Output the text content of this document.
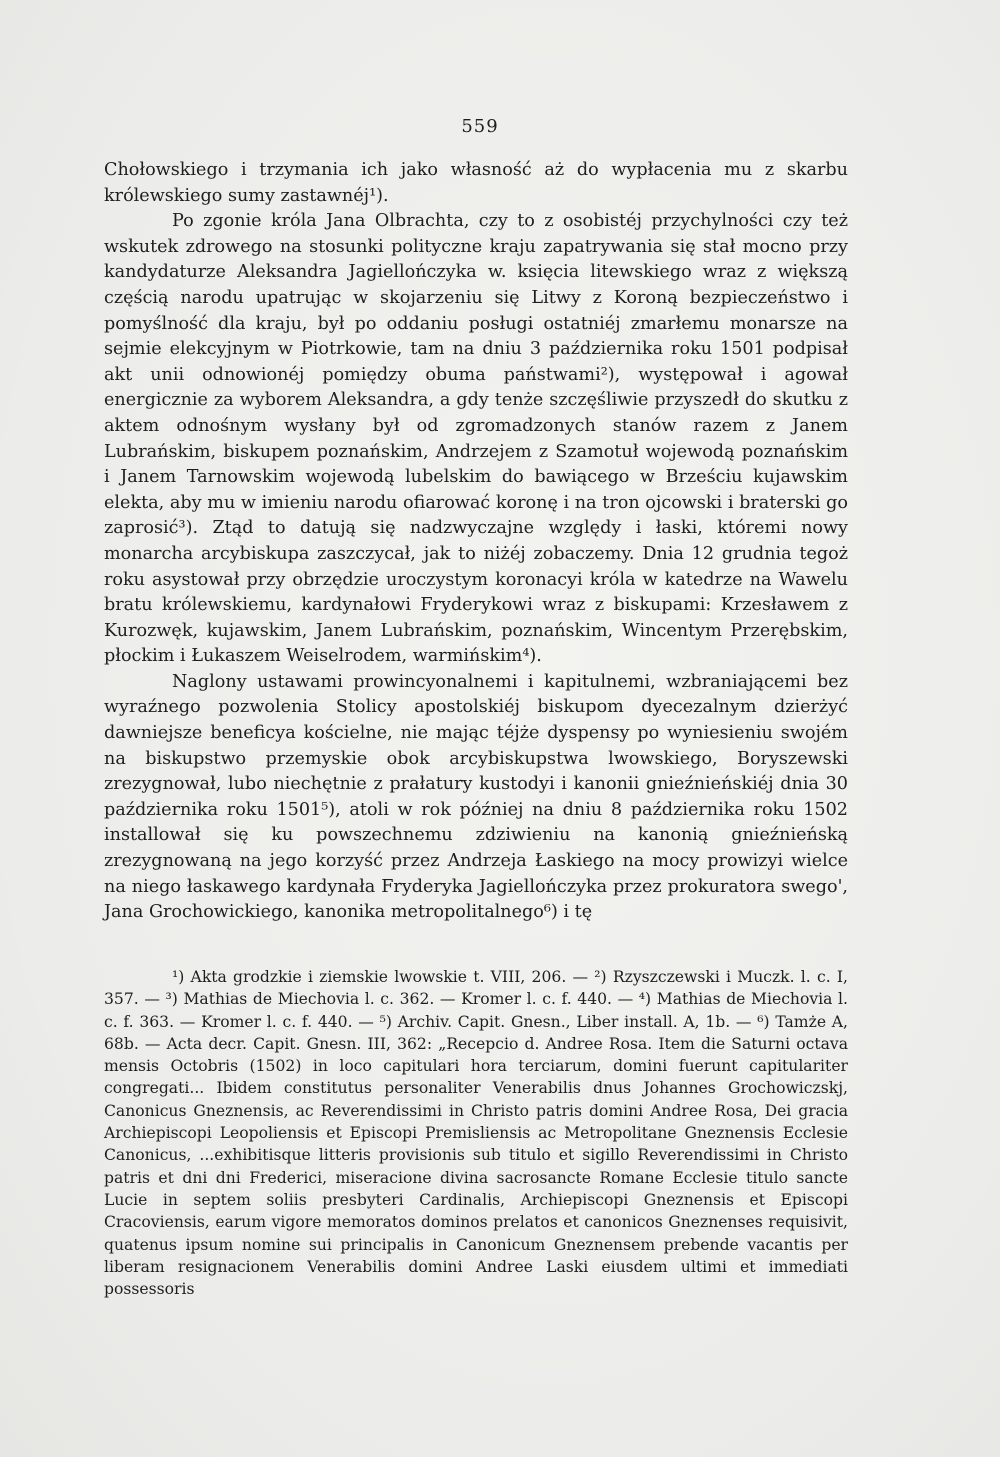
559

Chołowskiego i trzymania ich jako własność aż do wypłacenia mu z skarbu królewskiego sumy zastawnéj¹).

Po zgonie króla Jana Olbrachta, czy to z osobistéj przychylności czy też wskutek zdrowego na stosunki polityczne kraju zapatrywania się stał mocno przy kandydaturze Aleksandra Jagiellończyka w. księcia litewskiego wraz z większą częścią narodu upatrując w skojarzeniu się Litwy z Koroną bezpieczeństwo i pomyślność dla kraju, był po oddaniu posługi ostatniéj zmarłemu monarsze na sejmie elekcyjnym w Piotrkowie, tam na dniu 3 października roku 1501 podpisał akt unii odnowionéj pomiędzy obuma państwami²), występował i agował energicznie za wyborem Aleksandra, a gdy tenże szczęśliwie przyszedł do skutku z aktem odnośnym wysłany był od zgromadzonych stanów razem z Janem Lubrańskim, biskupem poznańskim, Andrzejem z Szamotuł wojewodą poznańskim i Janem Tarnowskim wojewodą lubelskim do bawiącego w Brześciu kujawskim elekta, aby mu w imieniu narodu ofiarować koronę i na tron ojcowski i braterski go zaprosić³). Ztąd to datują się nadzwyczajne względy i łaski, któremi nowy monarcha arcybiskupa zaszczycał, jak to niżéj zobaczemy. Dnia 12 grudnia tegoż roku asystował przy obrzędzie uroczystym koronacyi króla w katedrze na Wawelu bratu królewskiemu, kardynałowi Fryderykowi wraz z biskupami: Krzesławem z Kurozwęk, kujawskim, Janem Lubrańskim, poznańskim, Wincentym Przerębskim, płockim i Łukaszem Weiselrodem, warmińskim⁴).

Naglony ustawami prowincyonalnemi i kapitulnemi, wzbraniającemi bez wyraźnego pozwolenia Stolicy apostolskiéj biskupom dyecezalnym dzierżyć dawniejsze beneficya kościelne, nie mając téjże dyspensy po wyniesieniu swojém na biskupstwo przemyskie obok arcybiskupstwa lwowskiego, Boryszewski zrezygnował, lubo niechętnie z prałatury kustodyi i kanonii gnieźnieńskiéj dnia 30 października roku 1501⁵), atoli w rok później na dniu 8 października roku 1502 installował się ku powszechnemu zdziwieniu na kanonią gnieźnieńską zrezygnowaną na jego korzyść przez Andrzeja Łaskiego na mocy prowizyi wielce na niego łaskawego kardynała Fryderyka Jagiellończyka przez prokuratora swego', Jana Grochowickiego, kanonika metropolitalnego⁶) i tę

¹) Akta grodzkie i ziemskie lwowskie t. VIII, 206. — ²) Rzyszczewski i Muczk. l. c. I, 357. — ³) Mathias de Miechovia l. c. 362. — Kromer l. c. f. 440. — ⁴) Mathias de Miechovia l. c. f. 363. — Kromer l. c. f. 440. — ⁵) Archiv. Capit. Gnesn., Liber install. A, 1b. — ⁶) Tamże A, 68b. — Acta decr. Capit. Gnesn. III, 362: „Recepcio d. Andree Rosa. Item die Saturni octava mensis Octobris (1502) in loco capitulari hora terciarum, domini fuerunt capitulariter congregati... Ibidem constitutus personaliter Venerabilis dnus Johannes Grochowiczskj, Canonicus Gneznensis, ac Reverendissimi in Christo patris domini Andree Rosa, Dei gracia Archiepiscopi Leopoliensis et Episcopi Premisliensis ac Metropolitane Gneznensis Ecclesie Canonicus, ...exhibitisque litteris provisionis sub titulo et sigillo Reverendissimi in Christo patris et dni dni Frederici, miseracione divina sacrosancte Romane Ecclesie titulo sancte Lucie in septem soliis presbyteri Cardinalis, Archiepiscopi Gneznensis et Episcopi Cracoviensis, earum vigore memoratos dominos prelatos et canonicos Gneznenses requisivit, quatenus ipsum nomine sui principalis in Canonicum Gneznensem prebende vacantis per liberam resignacionem Venerabilis domini Andree Laski eiusdem ultimi et immediati possessoris
